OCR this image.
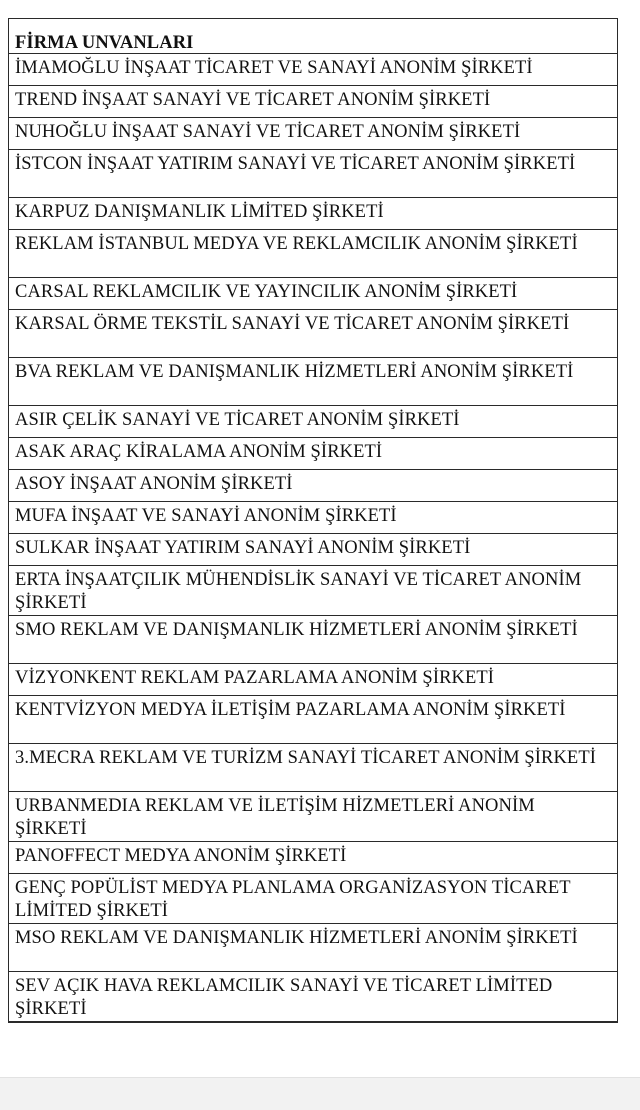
FİRMA UNVANLARI
İMAMOĞLU İNŞAAT TİCARET VE SANAYİ ANONİM ŞİRKETİ
TREND İNŞAAT SANAYİ VE TİCARET ANONİM ŞİRKETİ
NUHOĞLU İNŞAAT SANAYİ VE TİCARET ANONİM ŞİRKETİ
İSTCON İNŞAAT YATIRIM SANAYİ VE TİCARET ANONİM ŞİRKETİ
KARPUZ DANIŞMANLIK LİMİTED ŞİRKETİ
REKLAM İSTANBUL MEDYA VE REKLAMCILIK ANONİM ŞİRKETİ
CARSAL REKLAMCILIK VE YAYINCILIK ANONİM ŞİRKETİ
KARSAL ÖRME TEKSTİL SANAYİ VE TİCARET ANONİM ŞİRKETİ
BVA REKLAM VE DANIŞMANLIK HİZMETLERİ ANONİM ŞİRKETİ
ASIR ÇELİK SANAYİ VE TİCARET ANONİM ŞİRKETİ
ASAK ARAÇ KİRALAMA ANONİM ŞİRKETİ
ASOY İNŞAAT ANONİM ŞİRKETİ
MUFA İNŞAAT VE SANAYİ ANONİM ŞİRKETİ
SULKAR İNŞAAT YATIRIM SANAYİ ANONİM ŞİRKETİ
ERTA İNŞAATÇILIK MÜHENDİSLİK SANAYİ VE TİCARET ANONİM ŞİRKETİ
SMO REKLAM VE DANIŞMANLIK HİZMETLERİ ANONİM ŞİRKETİ
VİZYONKENT REKLAM PAZARLAMA ANONİM ŞİRKETİ
KENTVİZYON MEDYA İLETİŞİM PAZARLAMA ANONİM ŞİRKETİ
3.MECRA REKLAM VE TURİZM SANAYİ TİCARET ANONİM ŞİRKETİ
URBANMEDIA REKLAM VE İLETİŞİM HİZMETLERİ ANONİM ŞİRKETİ
PANOFFECT MEDYA ANONİM ŞİRKETİ
GENÇ POPÜLİST MEDYA PLANLAMA ORGANİZASYON TİCARET LİMİTED ŞİRKETİ
MSO REKLAM VE DANIŞMANLIK HİZMETLERİ ANONİM ŞİRKETİ
SEV AÇIK HAVA REKLAMCILIK SANAYİ VE TİCARET LİMİTED ŞİRKETİ
